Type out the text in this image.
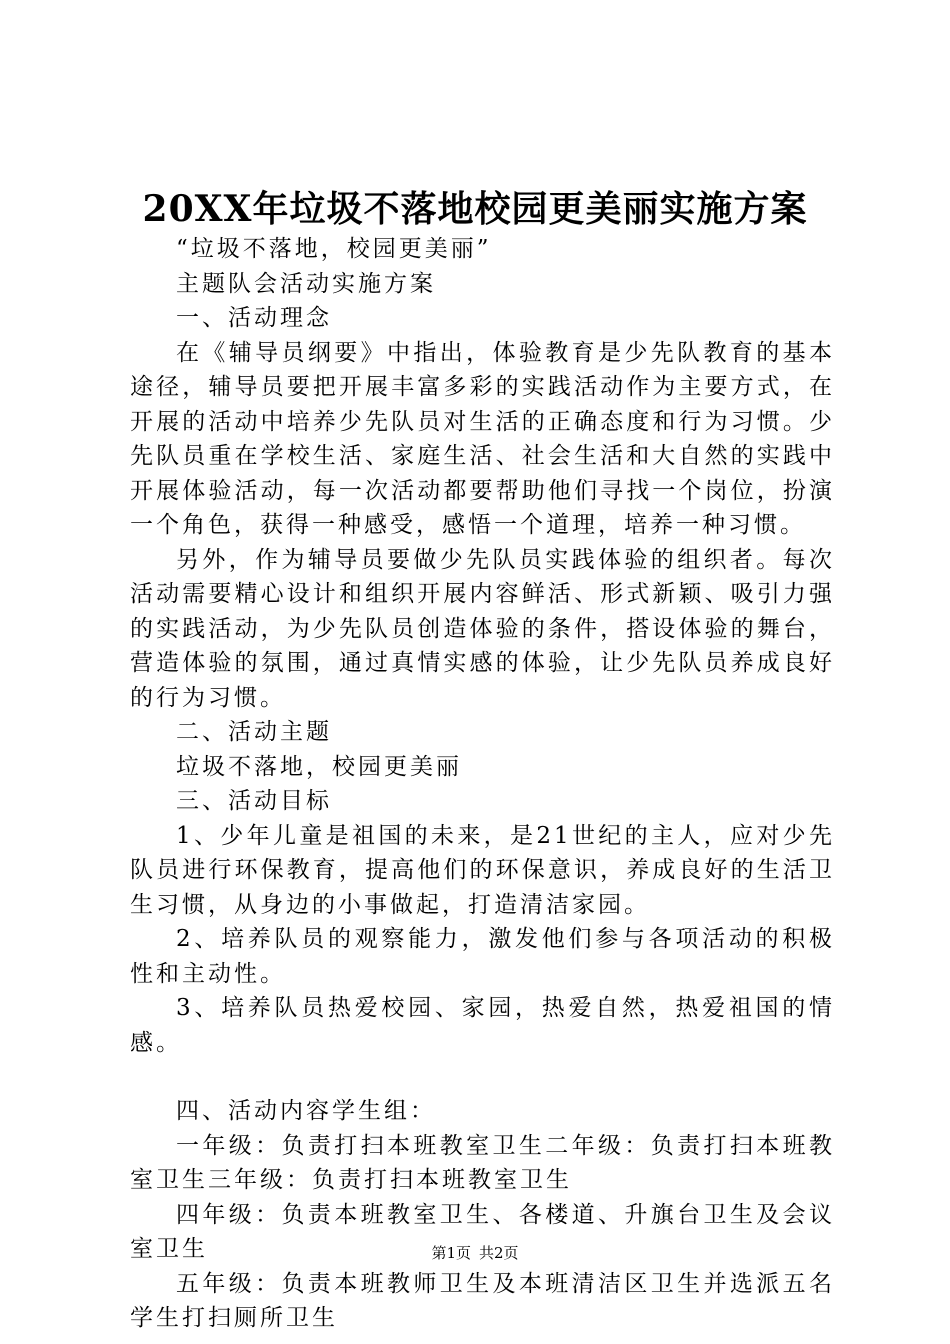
20XX年垃圾不落地校园更美丽实施方案

“垃圾不落地，校园更美丽”

主题队会活动实施方案

一、活动理念

在《辅导员纲要》中指出，体验教育是少先队教育的基本途径，辅导员要把开展丰富多彩的实践活动作为主要方式，在开展的活动中培养少先队员对生活的正确态度和行为习惯。少先队员重在学校生活、家庭生活、社会生活和大自然的实践中开展体验活动，每一次活动都要帮助他们寻找一个岗位，扮演一个角色，获得一种感受，感悟一个道理，培养一种习惯。

另外，作为辅导员要做少先队员实践体验的组织者。每次活动需要精心设计和组织开展内容鲜活、形式新颖、吸引力强的实践活动，为少先队员创造体验的条件，搭设体验的舞台，营造体验的氛围，通过真情实感的体验，让少先队员养成良好的行为习惯。

二、活动主题

垃圾不落地，校园更美丽

三、活动目标

1、少年儿童是祖国的未来，是21世纪的主人，应对少先队员进行环保教育，提高他们的环保意识，养成良好的生活卫生习惯，从身边的小事做起，打造清洁家园。

2、培养队员的观察能力，激发他们参与各项活动的积极性和主动性。

3、培养队员热爱校园、家园，热爱自然，热爱祖国的情感。

四、活动内容学生组：

一年级：负责打扫本班教室卫生二年级：负责打扫本班教室卫生三年级：负责打扫本班教室卫生

四年级：负责本班教室卫生、各楼道、升旗台卫生及会议室卫生

五年级：负责本班教师卫生及本班清洁区卫生并选派五名学生打扫厕所卫生

第1页 共2页
